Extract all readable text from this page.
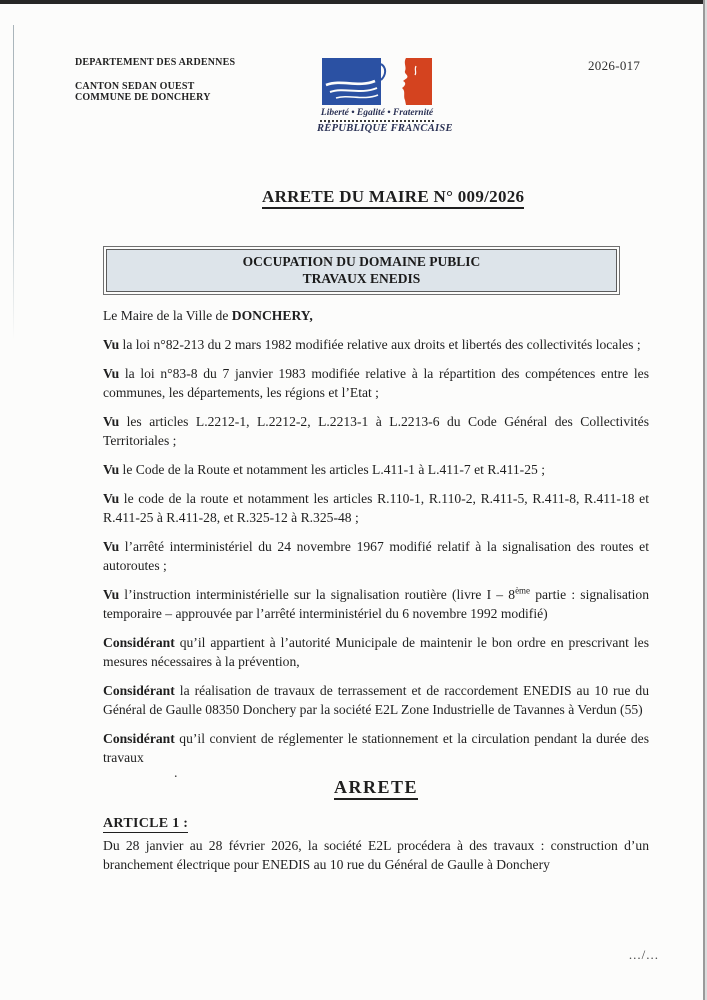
DEPARTEMENT DES ARDENNES
CANTON SEDAN OUEST
COMMUNE DE DONCHERY
2026-017
Liberté • Egalité • Fraternité
RÉPUBLIQUE FRANCAISE
ARRETE DU MAIRE N° 009/2026
OCCUPATION DU DOMAINE PUBLIC
TRAVAUX ENEDIS

Le Maire de la Ville de DONCHERY,

Vu la loi n°82-213 du 2 mars 1982 modifiée relative aux droits et libertés des collectivités locales ;

Vu la loi n°83-8 du 7 janvier 1983 modifiée relative à la répartition des compétences entre les communes, les départements, les régions et l’Etat ;

Vu les articles L.2212-1, L.2212-2, L.2213-1 à L.2213-6 du Code Général des Collectivités Territoriales ;

Vu le Code de la Route et notamment les articles L.411-1 à L.411-7 et R.411-25 ;

Vu le code de la route et notamment les articles R.110-1, R.110-2, R.411-5, R.411-8, R.411-18 et R.411-25 à R.411-28, et R.325-12 à R.325-48 ;

Vu l’arrêté interministériel du 24 novembre 1967 modifié relatif à la signalisation des routes et autoroutes ;

Vu l’instruction interministérielle sur la signalisation routière (livre I – 8ème partie : signalisation temporaire – approuvée par l’arrêté interministériel du 6 novembre 1992 modifié)

Considérant qu’il appartient à l’autorité Municipale de maintenir le bon ordre en prescrivant les mesures nécessaires à la prévention,

Considérant la réalisation de travaux de terrassement et de raccordement ENEDIS au 10 rue du Général de Gaulle 08350 Donchery par la société E2L Zone Industrielle de Tavannes à Verdun (55)

Considérant qu’il convient de réglementer le stationnement et la circulation pendant la durée des travaux

ARRETE
ARTICLE 1 :
Du 28 janvier au 28 février 2026, la société E2L procédera à des travaux : construction d’un branchement électrique pour ENEDIS au 10 rue du Général de Gaulle à Donchery
.
.../...
